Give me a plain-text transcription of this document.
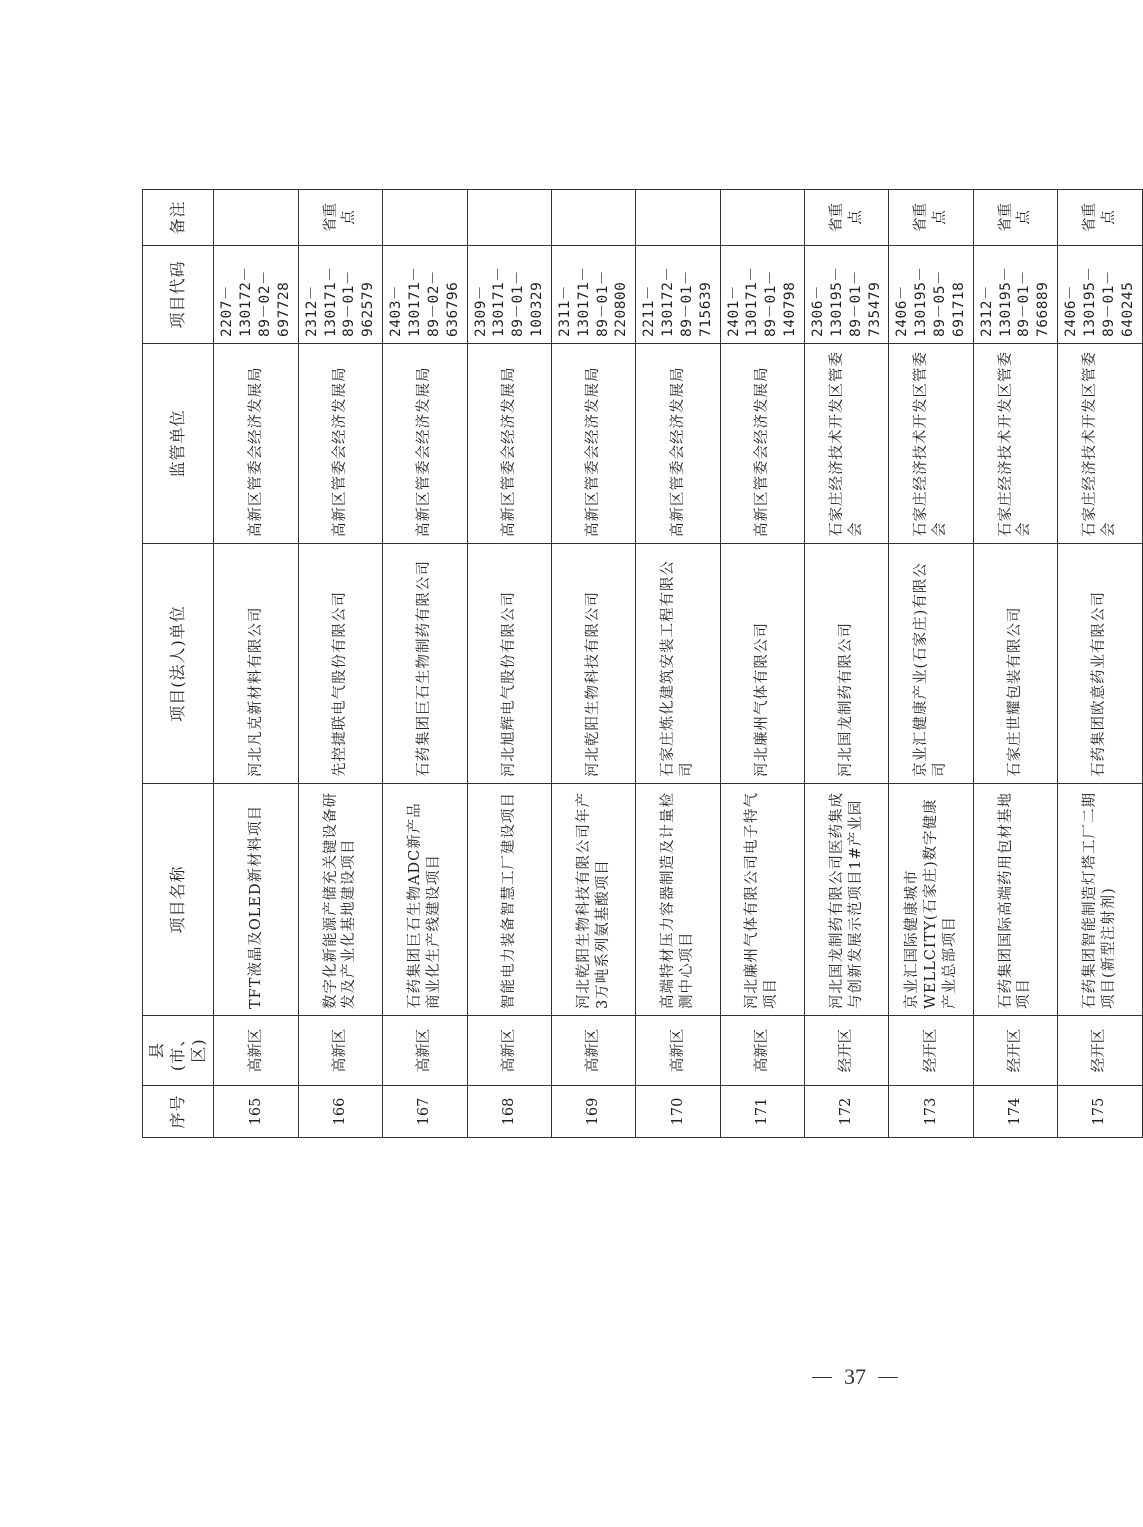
序号	县(市、区)	项目名称	项目(法人)单位	监管单位	项目代码	备注
165	高新区	TFT液晶及OLED新材料项目	河北凡克新材料有限公司	高新区管委会经济发展局	2207－130172－89－02－697728	
166	高新区	数字化新能源产储充关键设备研发及产业化基地建设项目	先控捷联电气股份有限公司	高新区管委会经济发展局	2312－130171－89－01－962579	省重点
167	高新区	石药集团巨石生物ADC新产品商业化生产线建设项目	石药集团巨石生物制药有限公司	高新区管委会经济发展局	2403－130171－89－02－636796	
168	高新区	智能电力装备智慧工厂建设项目	河北旭辉电气股份有限公司	高新区管委会经济发展局	2309－130171－89－01－100329	
169	高新区	河北乾阳生物科技有限公司年产3万吨系列氨基酸项目	河北乾阳生物科技有限公司	高新区管委会经济发展局	2311－130171－89－01－220800	
170	高新区	高端特材压力容器制造及计量检测中心项目	石家庄炼化建筑安装工程有限公司	高新区管委会经济发展局	2211－130172－89－01－715639	
171	高新区	河北廉州气体有限公司电子特气项目	河北廉州气体有限公司	高新区管委会经济发展局	2401－130171－89－01－140798	
172	经开区	河北国龙制药有限公司医药集成与创新发展示范项目1#产业园	河北国龙制药有限公司	石家庄经济技术开发区管委会	2306－130195－89－01－735479	省重点
173	经开区	京业汇国际健康城市WELLCITY(石家庄)数字健康产业总部项目	京业汇健康产业(石家庄)有限公司	石家庄经济技术开发区管委会	2406－130195－89－05－691718	省重点
174	经开区	石药集团国际高端药用包材基地项目	石家庄世耀包装有限公司	石家庄经济技术开发区管委会	2312－130195－89－01－766889	省重点
175	经开区	石药集团智能制造灯塔工厂二期项目(新型注射剂)	石药集团欧意药业有限公司	石家庄经济技术开发区管委会	2406－130195－89－01－640245	省重点
37
